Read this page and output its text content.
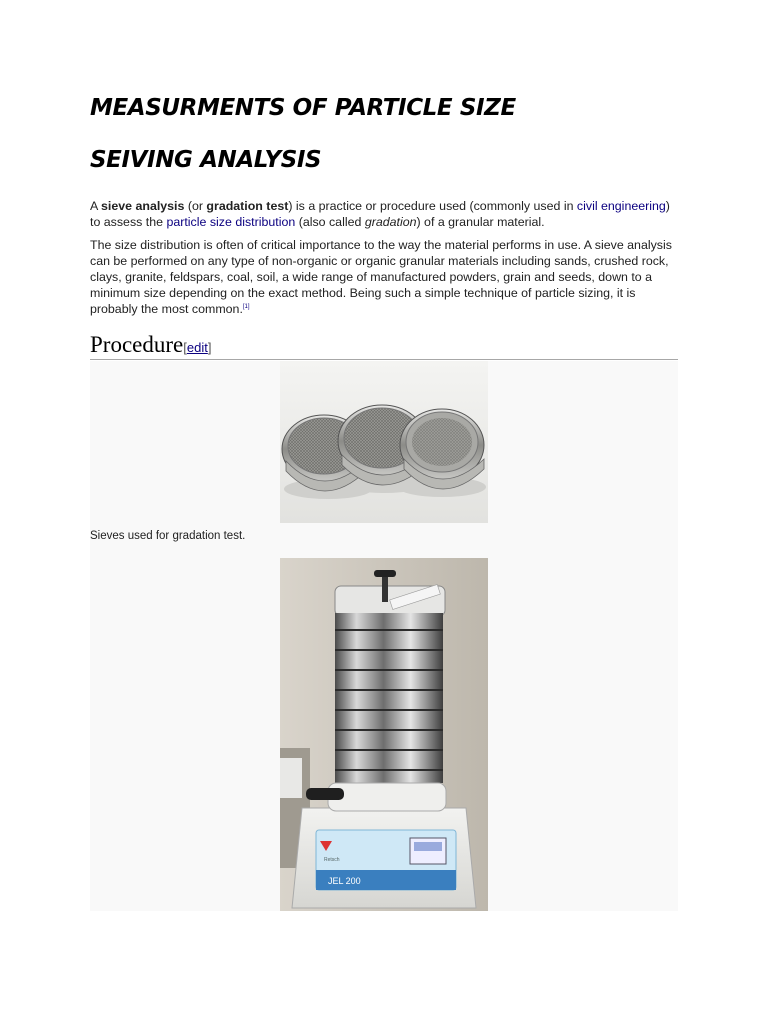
MEASURMENTS OF PARTICLE SIZE
SEIVING ANALYSIS

A sieve analysis (or gradation test) is a practice or procedure used (commonly used in civil engineering) to assess the particle size distribution (also called gradation) of a granular material.

The size distribution is often of critical importance to the way the material performs in use. A sieve analysis can be performed on any type of non-organic or organic granular materials including sands, crushed rock, clays, granite, feldspars, coal, soil, a wide range of manufactured powders, grain and seeds, down to a minimum size depending on the exact method. Being such a simple technique of particle sizing, it is probably the most common.[1]

Procedure[edit]
Sieves used for gradation test.
JEL 200
Retsch
